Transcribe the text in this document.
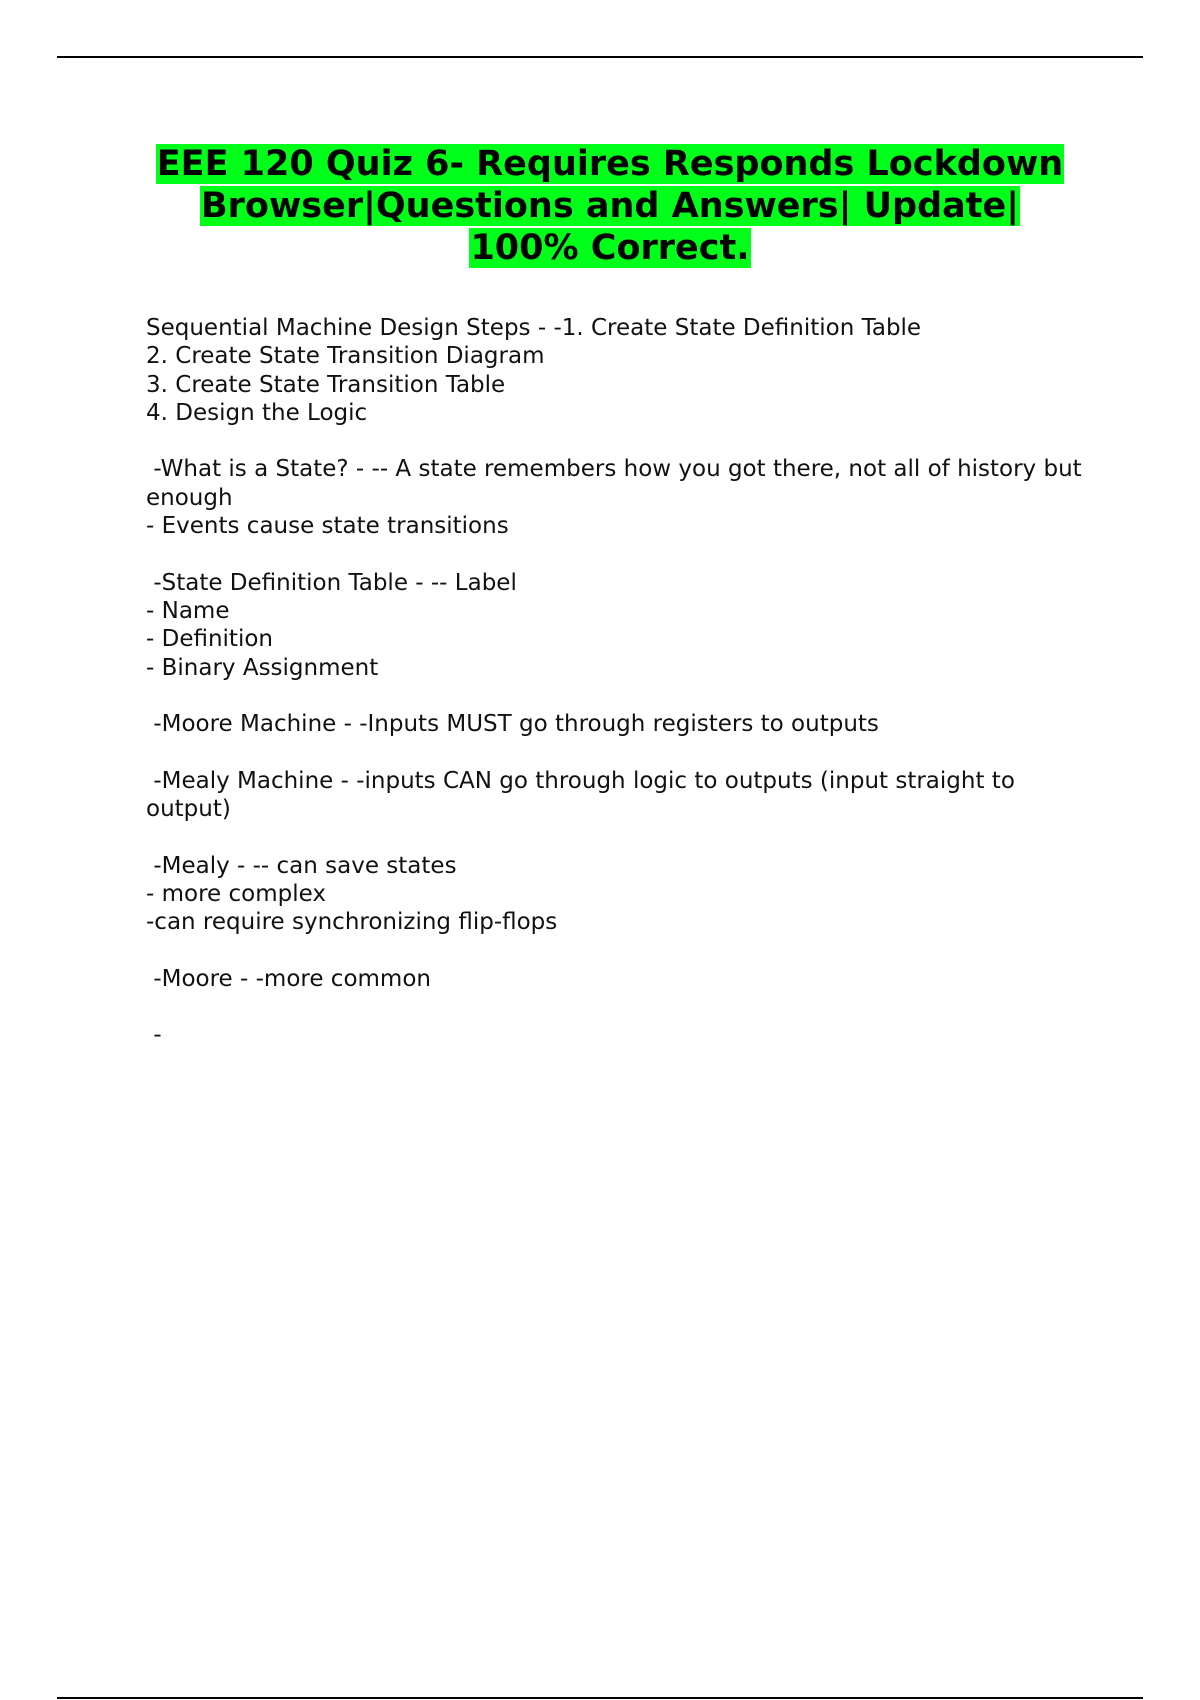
EEE 120 Quiz 6- Requires Responds Lockdown
Browser|Questions and Answers| Update|
100% Correct.
Sequential Machine Design Steps - -1. Create State Definition Table
2. Create State Transition Diagram
3. Create State Transition Table
4. Design the Logic
-What is a State? - -- A state remembers how you got there, not all of history but enough
- Events cause state transitions
-State Definition Table - -- Label
- Name
- Definition
- Binary Assignment
-Moore Machine - -Inputs MUST go through registers to outputs
-Mealy Machine - -inputs CAN go through logic to outputs (input straight to output)
-Mealy - -- can save states
- more complex
-can require synchronizing flip-flops
-Moore - -more common
-
